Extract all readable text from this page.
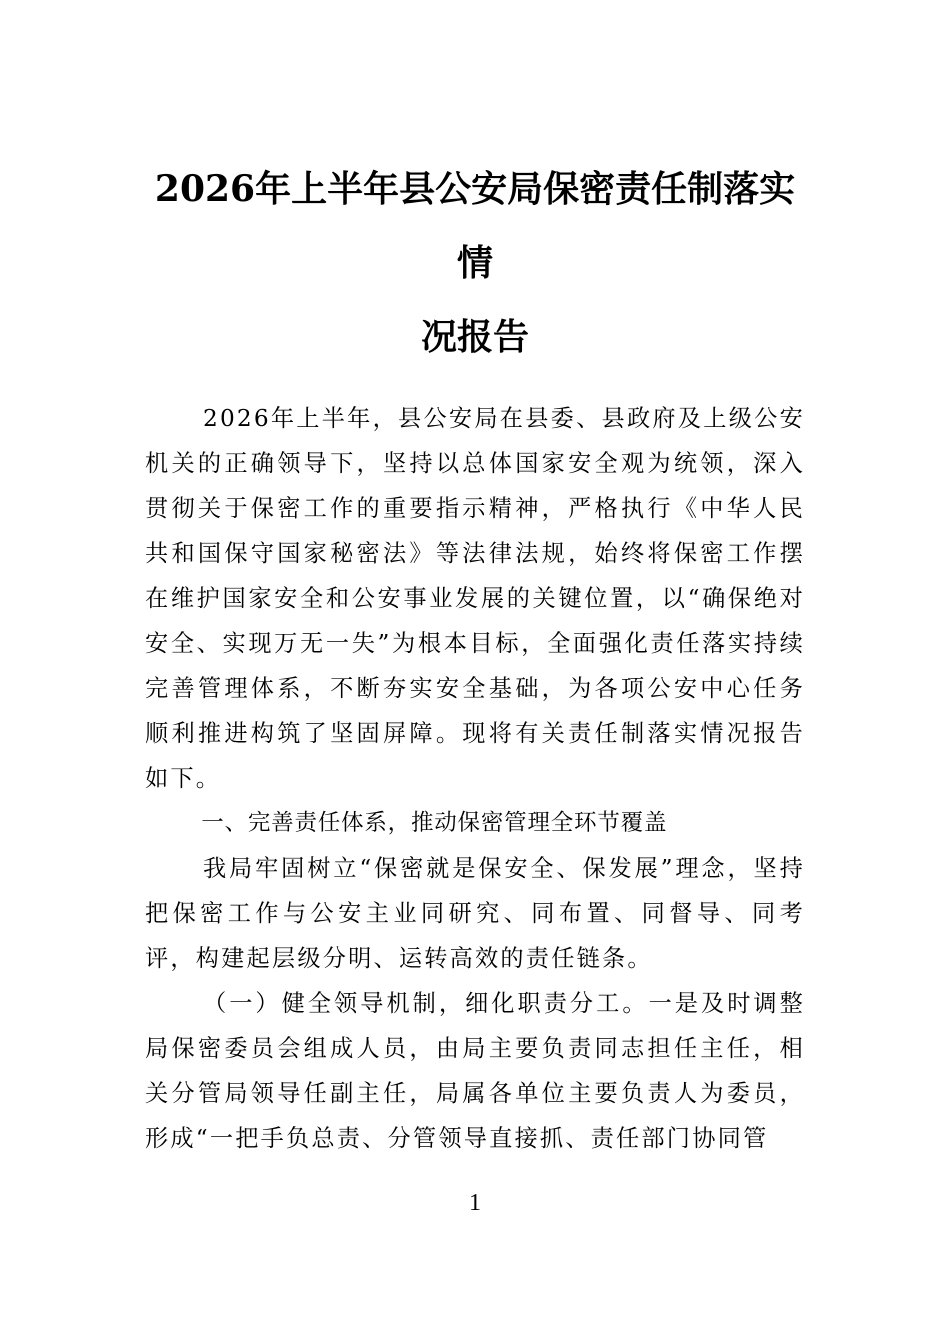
2026年上半年县公安局保密责任制落实情
况报告

2026年上半年，县公安局在县委、县政府及上级公安机关的正确领导下，坚持以总体国家安全观为统领，深入贯彻关于保密工作的重要指示精神，严格执行《中华人民共和国保守国家秘密法》等法律法规，始终将保密工作摆在维护国家安全和公安事业发展的关键位置，以“确保绝对安全、实现万无一失”为根本目标，全面强化责任落实持续完善管理体系，不断夯实安全基础，为各项公安中心任务顺利推进构筑了坚固屏障。现将有关责任制落实情况报告如下。

一、完善责任体系，推动保密管理全环节覆盖

我局牢固树立“保密就是保安全、保发展”理念，坚持把保密工作与公安主业同研究、同布置、同督导、同考评，构建起层级分明、运转高效的责任链条。

（一）健全领导机制，细化职责分工。一是及时调整局保密委员会组成人员，由局主要负责同志担任主任，相关分管局领导任副主任，局属各单位主要负责人为委员，形成“一把手负总责、分管领导直接抓、责任部门协同管

1
